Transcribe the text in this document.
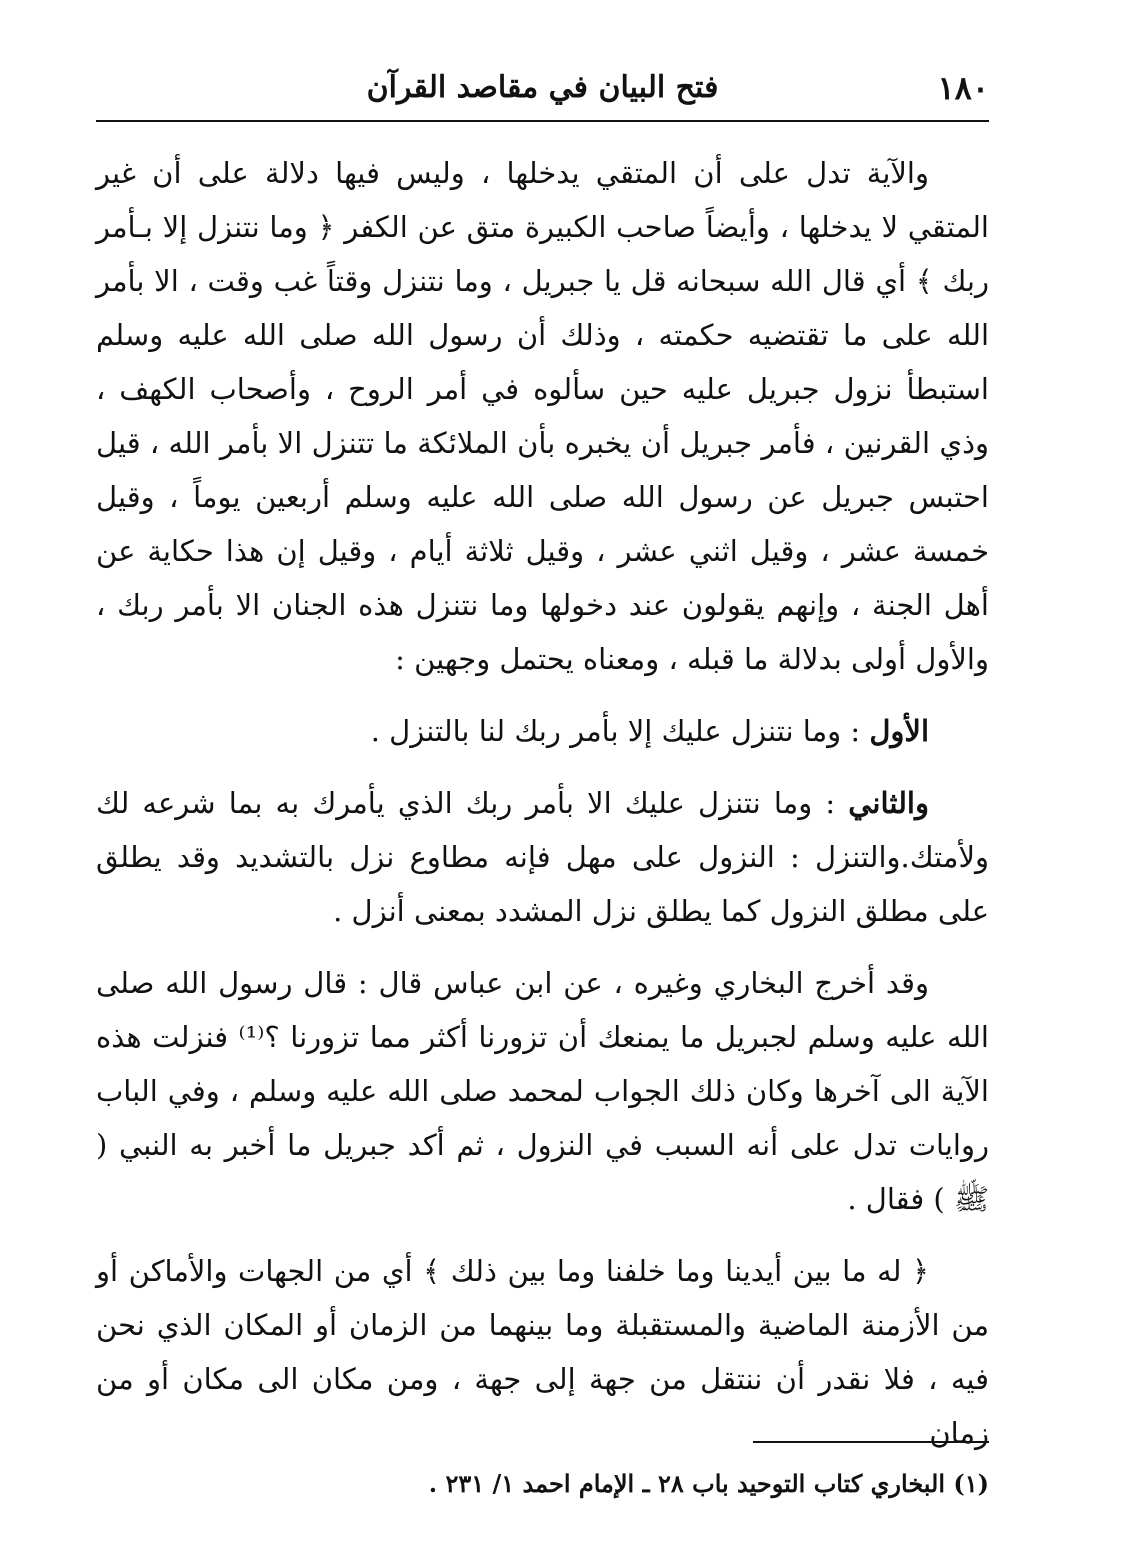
١٨٠
فتح البيان في مقاصد القرآن

والآية تدل على أن المتقي يدخلها ، وليس فيها دلالة على أن غير المتقي لا يدخلها ، وأيضاً صاحب الكبيرة متق عن الكفر ﴿ وما نتنزل إلا بـأمر ربك ﴾ أي قال الله سبحانه قل يا جبريل ، وما نتنزل وقتاً غب وقت ، الا بأمر الله على ما تقتضيه حكمته ، وذلك أن رسول الله صلى الله عليه وسلم استبطأ نزول جبريل عليه حين سألوه في أمر الروح ، وأصحاب الكهف ، وذي القرنين ، فأمر جبريل أن يخبره بأن الملائكة ما تتنزل الا بأمر الله ، قيل احتبس جبريل عن رسول الله صلى الله عليه وسلم أربعين يوماً ، وقيل خمسة عشر ، وقيل اثني عشر ، وقيل ثلاثة أيام ، وقيل إن هذا حكاية عن أهل الجنة ، وإنهم يقولون عند دخولها وما نتنزل هذه الجنان الا بأمر ربك ، والأول أولى بدلالة ما قبله ، ومعناه يحتمل وجهين :

الأول : وما نتنزل عليك إلا بأمر ربك لنا بالتنزل .

والثاني : وما نتنزل عليك الا بأمر ربك الذي يأمرك به بما شرعه لك ولأمتك.والتنزل : النزول على مهل فإنه مطاوع نزل بالتشديد وقد يطلق على مطلق النزول كما يطلق نزل المشدد بمعنى أنزل .

وقد أخرج البخاري وغيره ، عن ابن عباس قال : قال رسول الله صلى الله عليه وسلم لجبريل ما يمنعك أن تزورنا أكثر مما تزورنا ؟⁽¹⁾ فنزلت هذه الآية الى آخرها وكان ذلك الجواب لمحمد صلى الله عليه وسلم ، وفي الباب روايات تدل على أنه السبب في النزول ، ثم أكد جبريل ما أخبر به النبي ( ﷺ ) فقال .

﴿ له ما بين أيدينا وما خلفنا وما بين ذلك ﴾ أي من الجهات والأماكن أو من الأزمنة الماضية والمستقبلة وما بينهما من الزمان أو المكان الذي نحن فيه ، فلا نقدر أن ننتقل من جهة إلى جهة ، ومن مكان الى مكان أو من زمان

(١) البخاري كتاب التوحيد باب ٢٨ ـ الإمام احمد ١/ ٢٣١ .
